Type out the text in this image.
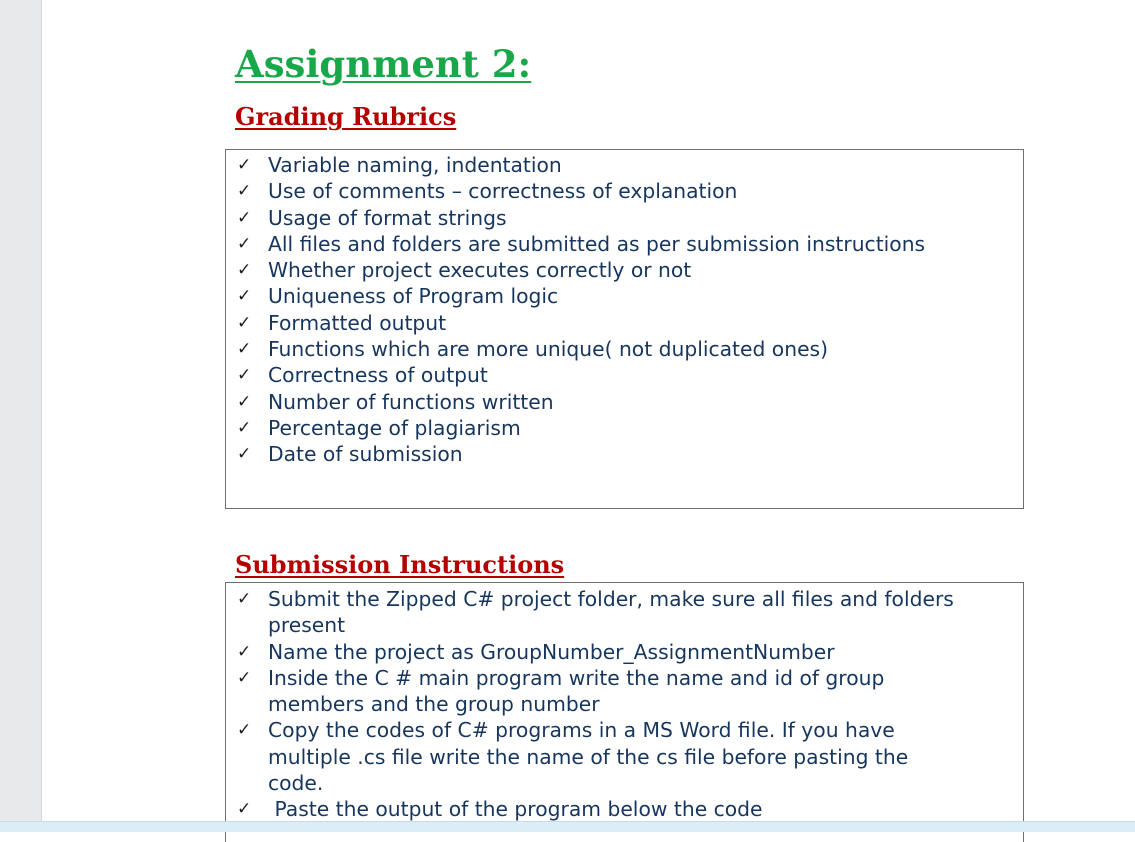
Assignment 2:
Grading Rubrics
✓ Variable naming, indentation
✓ Use of comments – correctness of explanation
✓ Usage of format strings
✓ All files and folders are submitted as per submission instructions
✓ Whether project executes correctly or not
✓ Uniqueness of Program logic
✓ Formatted output
✓ Functions which are more unique( not duplicated ones)
✓ Correctness of output
✓ Number of functions written
✓ Percentage of plagiarism
✓ Date of submission
Submission Instructions
✓ Submit the Zipped C# project folder, make sure all files and folders present
✓ Name the project as GroupNumber_AssignmentNumber
✓ Inside the C # main program write the name and id of group members and the group number
✓ Copy the codes of C# programs in a MS Word file. If you have multiple .cs file write the name of the cs file before pasting the code.
✓ Paste the output of the program below the code
